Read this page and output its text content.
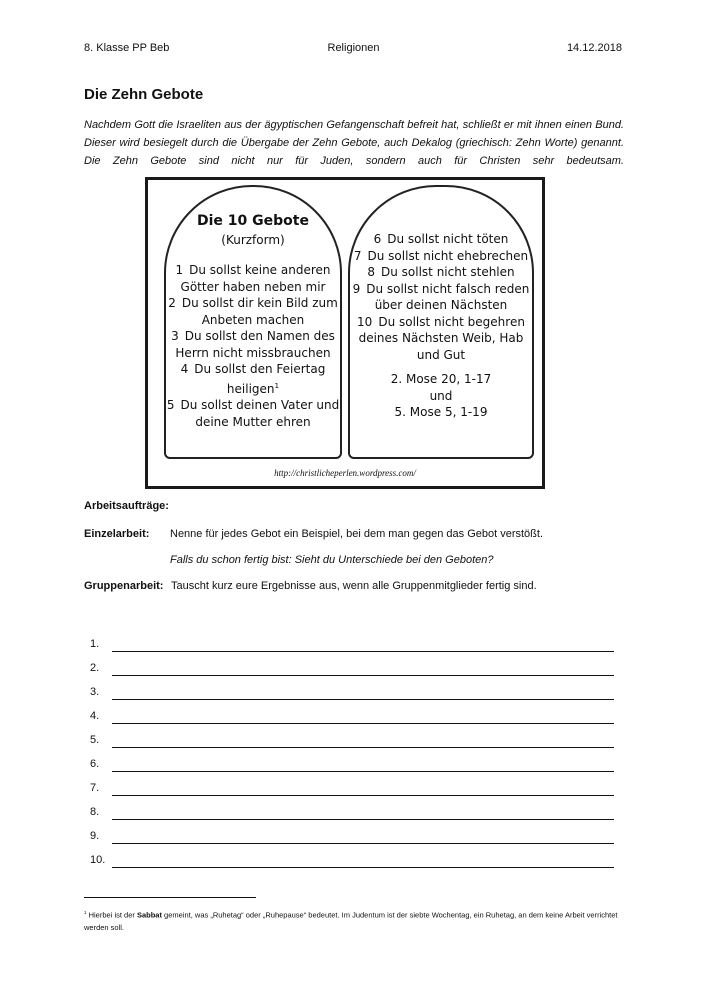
8. Klasse PP Beb	Religionen	14.12.2018
Die Zehn Gebote

Nachdem Gott die Israeliten aus der ägyptischen Gefangenschaft befreit hat, schließt er mit ihnen einen Bund. Dieser wird besiegelt durch die Übergabe der Zehn Gebote, auch Dekalog (griechisch: Zehn Worte) genannt. Die Zehn Gebote sind nicht nur für Juden, sondern auch für Christen sehr bedeutsam.

Die 10 Gebote
(Kurzform)
1 Du sollst keine anderen Götter haben neben mir
2 Du sollst dir kein Bild zum Anbeten machen
3 Du sollst den Namen des Herrn nicht missbrauchen
4 Du sollst den Feiertag heiligen$^1$
5 Du sollst deinen Vater und deine Mutter ehren
6 Du sollst nicht töten
7 Du sollst nicht ehebrechen
8 Du sollst nicht stehlen
9 Du sollst nicht falsch reden über deinen Nächsten
10 Du sollst nicht begehren deines Nächsten Weib, Hab und Gut
2. Mose 20, 1-17
und
5. Mose 5, 1-19
http://christlicheperlen.wordpress.com/
Arbeitsaufträge:
Einzelarbeit: Nenne für jedes Gebot ein Beispiel, bei dem man gegen das Gebot verstößt.
Falls du schon fertig bist: Sieht du Unterschiede bei den Geboten?
Gruppenarbeit: Tauscht kurz eure Ergebnisse aus, wenn alle Gruppenmitglieder fertig sind.
1.
2.
3.
4.
5.
6.
7.
8.
9.
10.

$^1$ Hierbei ist der Sabbat gemeint, was „Ruhetag“ oder „Ruhepause“ bedeutet. Im Judentum ist der siebte Wochentag, ein Ruhetag, an dem keine Arbeit verrichtet werden soll.
